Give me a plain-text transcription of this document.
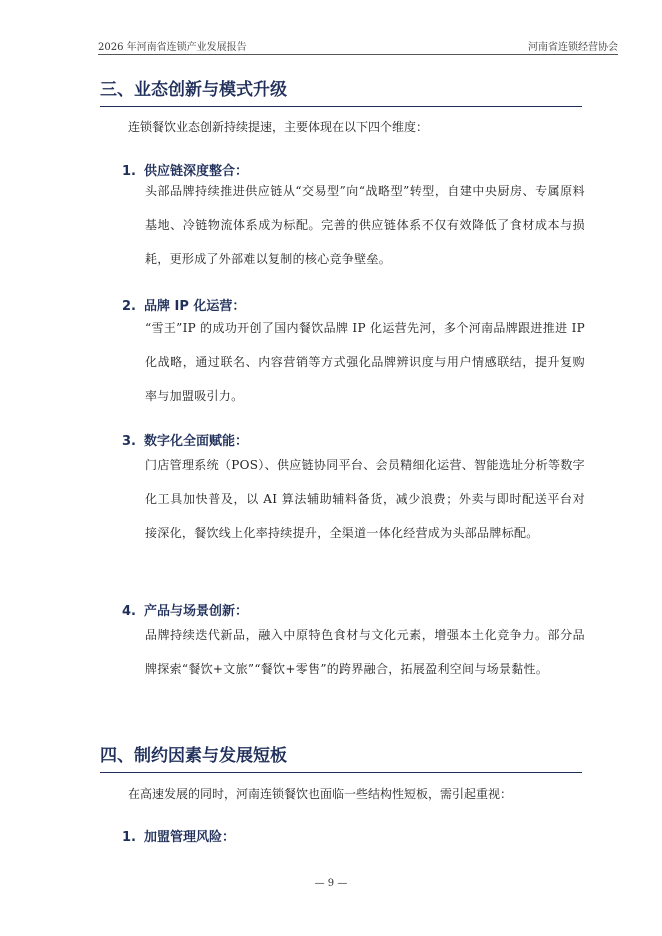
2026 年河南省连锁产业发展报告	河南省连锁经营协会
三、业态创新与模式升级
连锁餐饮业态创新持续提速，主要体现在以下四个维度：
1. 供应链深度整合：
头部品牌持续推进供应链从“交易型”向“战略型”转型，自建中央厨房、专属原料基地、冷链物流体系成为标配。完善的供应链体系不仅有效降低了食材成本与损耗，更形成了外部难以复制的核心竞争壁垒。
2. 品牌 IP 化运营：
“雪王”IP 的成功开创了国内餐饮品牌 IP 化运营先河，多个河南品牌跟进推进 IP 化战略，通过联名、内容营销等方式强化品牌辨识度与用户情感联结，提升复购率与加盟吸引力。
3. 数字化全面赋能：
门店管理系统（POS）、供应链协同平台、会员精细化运营、智能选址分析等数字化工具加快普及，以 AI 算法辅助辅料备货，减少浪费；外卖与即时配送平台对接深化，餐饮线上化率持续提升，全渠道一体化经营成为头部品牌标配。
4. 产品与场景创新：
品牌持续迭代新品，融入中原特色食材与文化元素，增强本土化竞争力。部分品牌探索“餐饮+文旅”“餐饮+零售”的跨界融合，拓展盈利空间与场景黏性。
四、制约因素与发展短板
在高速发展的同时，河南连锁餐饮也面临一些结构性短板，需引起重视：
1. 加盟管理风险：
— 9 —
